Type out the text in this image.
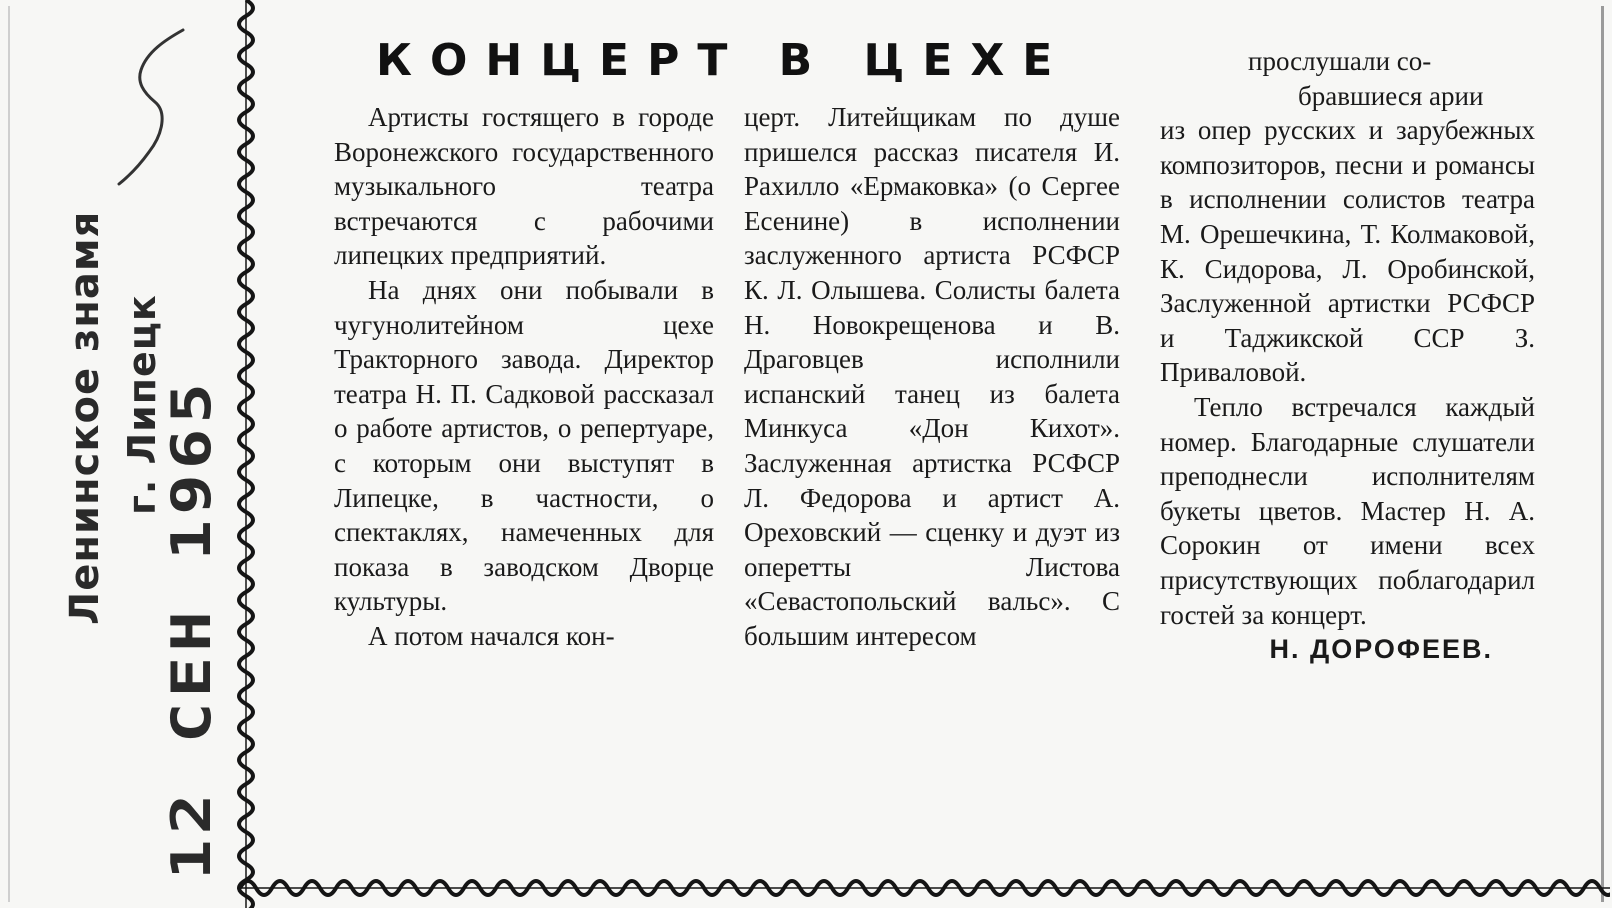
Ленинское знамя г. Липецк
12 СЕН 1965
КОНЦЕРТ В ЦЕХЕ

Артисты гостящего в городе Воронежского государственного музыкального театра встречаются с рабочими липецких предприятий.

На днях они побывали в чугунолитейном цехе Тракторного завода. Директор театра Н. П. Садковой рассказал о работе артистов, о репертуаре, с которым они выступят в Липецке, в частности, о спектаклях, намеченных для показа в заводском Дворце культуры.

А потом начался кон-

церт. Литейщикам по душе пришелся рассказ писателя И. Рахилло «Ермаковка» (о Сергее Есенине) в исполнении заслуженного артиста РСФСР К. Л. Олышева. Солисты балета Н. Новокрещенова и В. Драговцев исполнили испанский танец из балета Минкуса «Дон Кихот». Заслуженная артистка РСФСР Л. Федорова и артист А. Ореховский — сценку и дуэт из оперетты Листова «Севастопольский вальс». С большим интересом

прослушали со-

бравшиеся арии

из опер русских и зарубежных композиторов, песни и романсы в исполнении солистов театра М. Орешечкина, Т. Колмаковой, К. Сидорова, Л. Оробинской, Заслуженной артистки РСФСР и Таджикской ССР З. Приваловой.

Тепло встречался каждый номер. Благодарные слушатели преподнесли исполнителям букеты цветов. Мастер Н. А. Сорокин от имени всех присутствующих поблагодарил гостей за концерт.

Н. ДОРОФЕЕВ.
